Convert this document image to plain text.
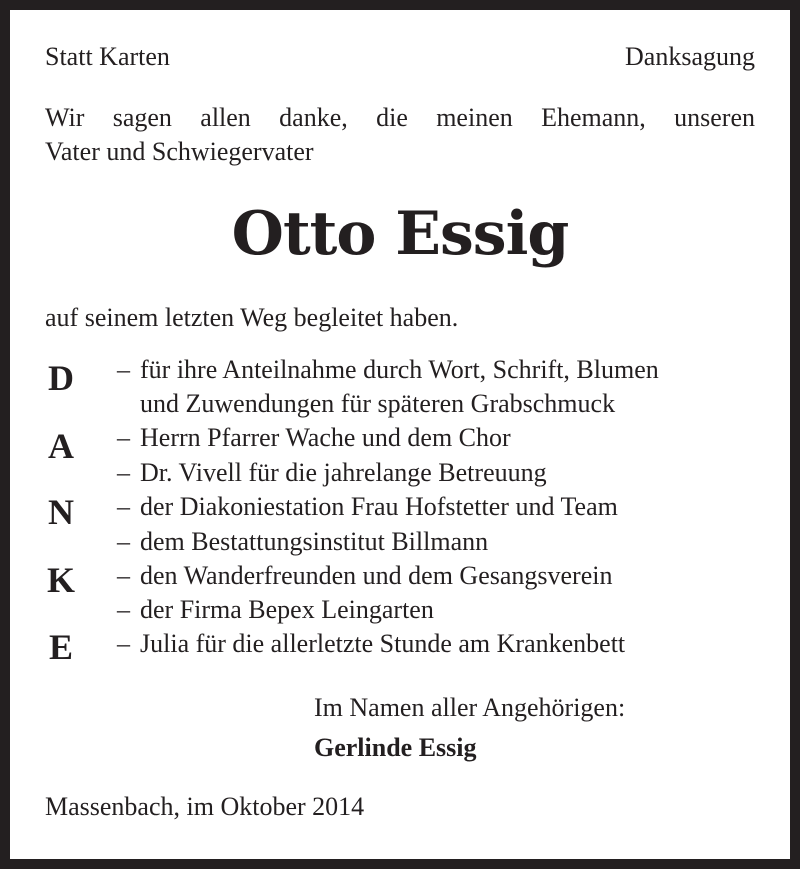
Statt Karten	Danksagung
Wir sagen allen danke, die meinen Ehemann, unseren
Vater und Schwiegervater
Otto Essig
auf seinem letzten Weg begleitet haben.
D
A
N
K
E
– für ihre Anteilnahme durch Wort, Schrift, Blumen
und Zuwendungen für späteren Grabschmuck
– Herrn Pfarrer Wache und dem Chor
– Dr. Vivell für die jahrelange Betreuung
– der Diakoniestation Frau Hofstetter und Team
– dem Bestattungsinstitut Billmann
– den Wanderfreunden und dem Gesangsverein
– der Firma Bepex Leingarten
– Julia für die allerletzte Stunde am Krankenbett
Im Namen aller Angehörigen:
Gerlinde Essig
Massenbach, im Oktober 2014
